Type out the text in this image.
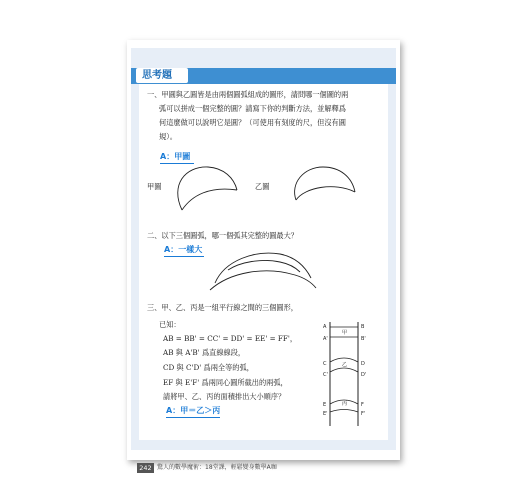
思考題
一、甲圓與乙圓皆是由兩個圓弧組成的圖形，請問哪一個圖的兩
弧可以拼成一個完整的圓？請寫下你的判斷方法，並解釋爲
何這麼做可以說明它是圓？（可使用有刻度的尺，但沒有圓
規）。
A：甲圖
甲圖	乙圖
二、以下三個圓弧，哪一個弧其完整的圓最大？
A：一樣大
三、甲、乙、丙是一組平行線之間的三個圓形，
已知：
AB = BB' = CC' = DD' = EE' = FF'，
AB 與 A'B' 爲直線線段，
CD 與 C'D' 爲兩全等的弧，
EF 與 E'F' 爲兩同心圓所截出的兩弧，
請將甲、乙、丙的面積排出大小順序？
A：甲＝乙＞丙
A	B
A'	B'
甲
C	D
C'	D'
乙
E	F
E'	F'
丙
242 驚人的數學魔術：18堂課，輕鬆變身數學A咖
